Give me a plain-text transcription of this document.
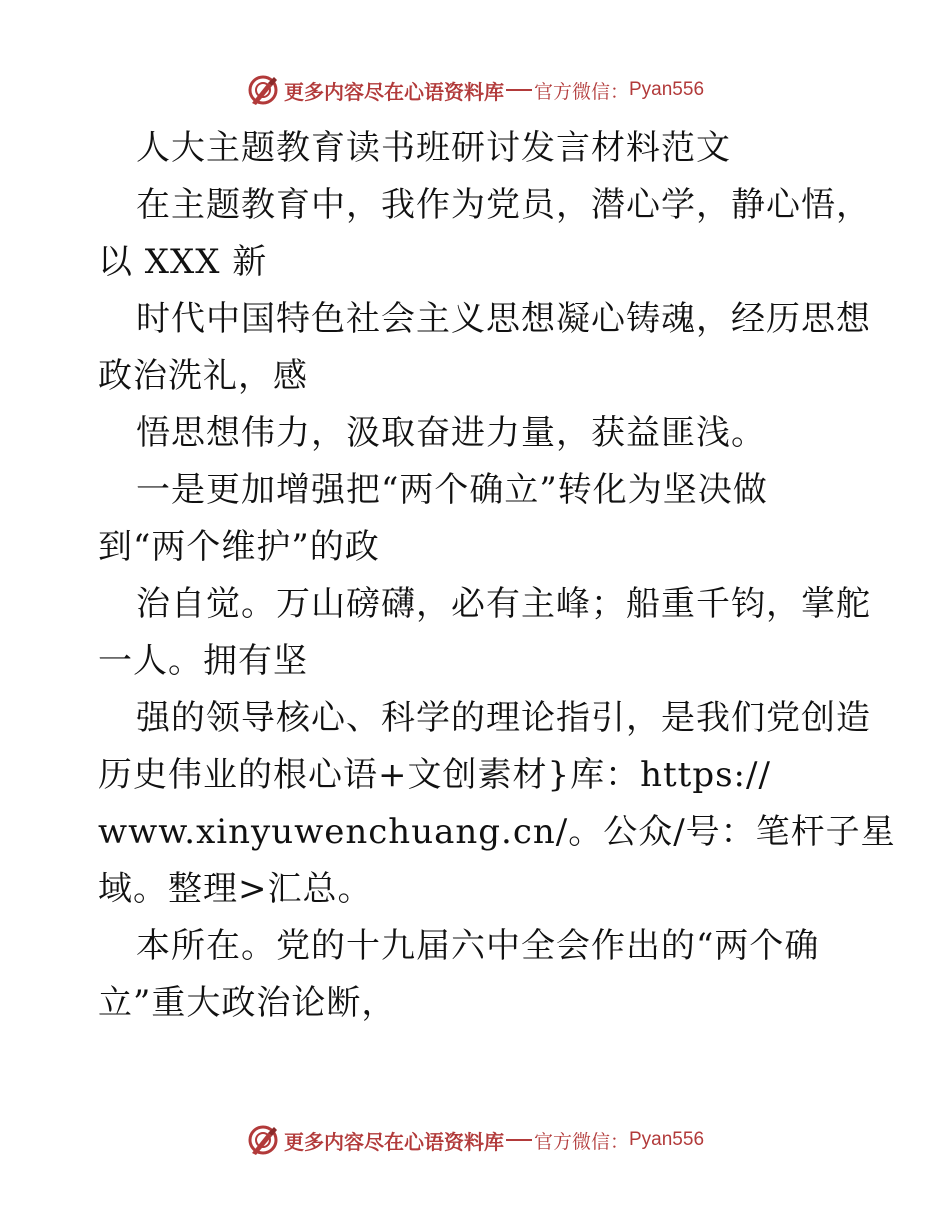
更多内容尽在心语资料库 官方微信： Pyan556
人大主题教育读书班研讨发言材料范文
在主题教育中，我作为党员，潜心学，静心悟，
以 XXX 新
时代中国特色社会主义思想凝心铸魂，经历思想
政治洗礼，感
悟思想伟力，汲取奋进力量，获益匪浅。
一是更加增强把“两个确立”转化为坚决做
到“两个维护”的政
治自觉。万山磅礴，必有主峰；船重千钧，掌舵
一人。拥有坚
强的领导核心、科学的理论指引，是我们党创造
历史伟业的根心语+文创素材}库：https://
www.xinyuwenchuang.cn/。公众/号：笔杆子星
域。整理>汇总。
本所在。党的十九届六中全会作出的“两个确
立”重大政治论断，
更多内容尽在心语资料库 官方微信： Pyan556
